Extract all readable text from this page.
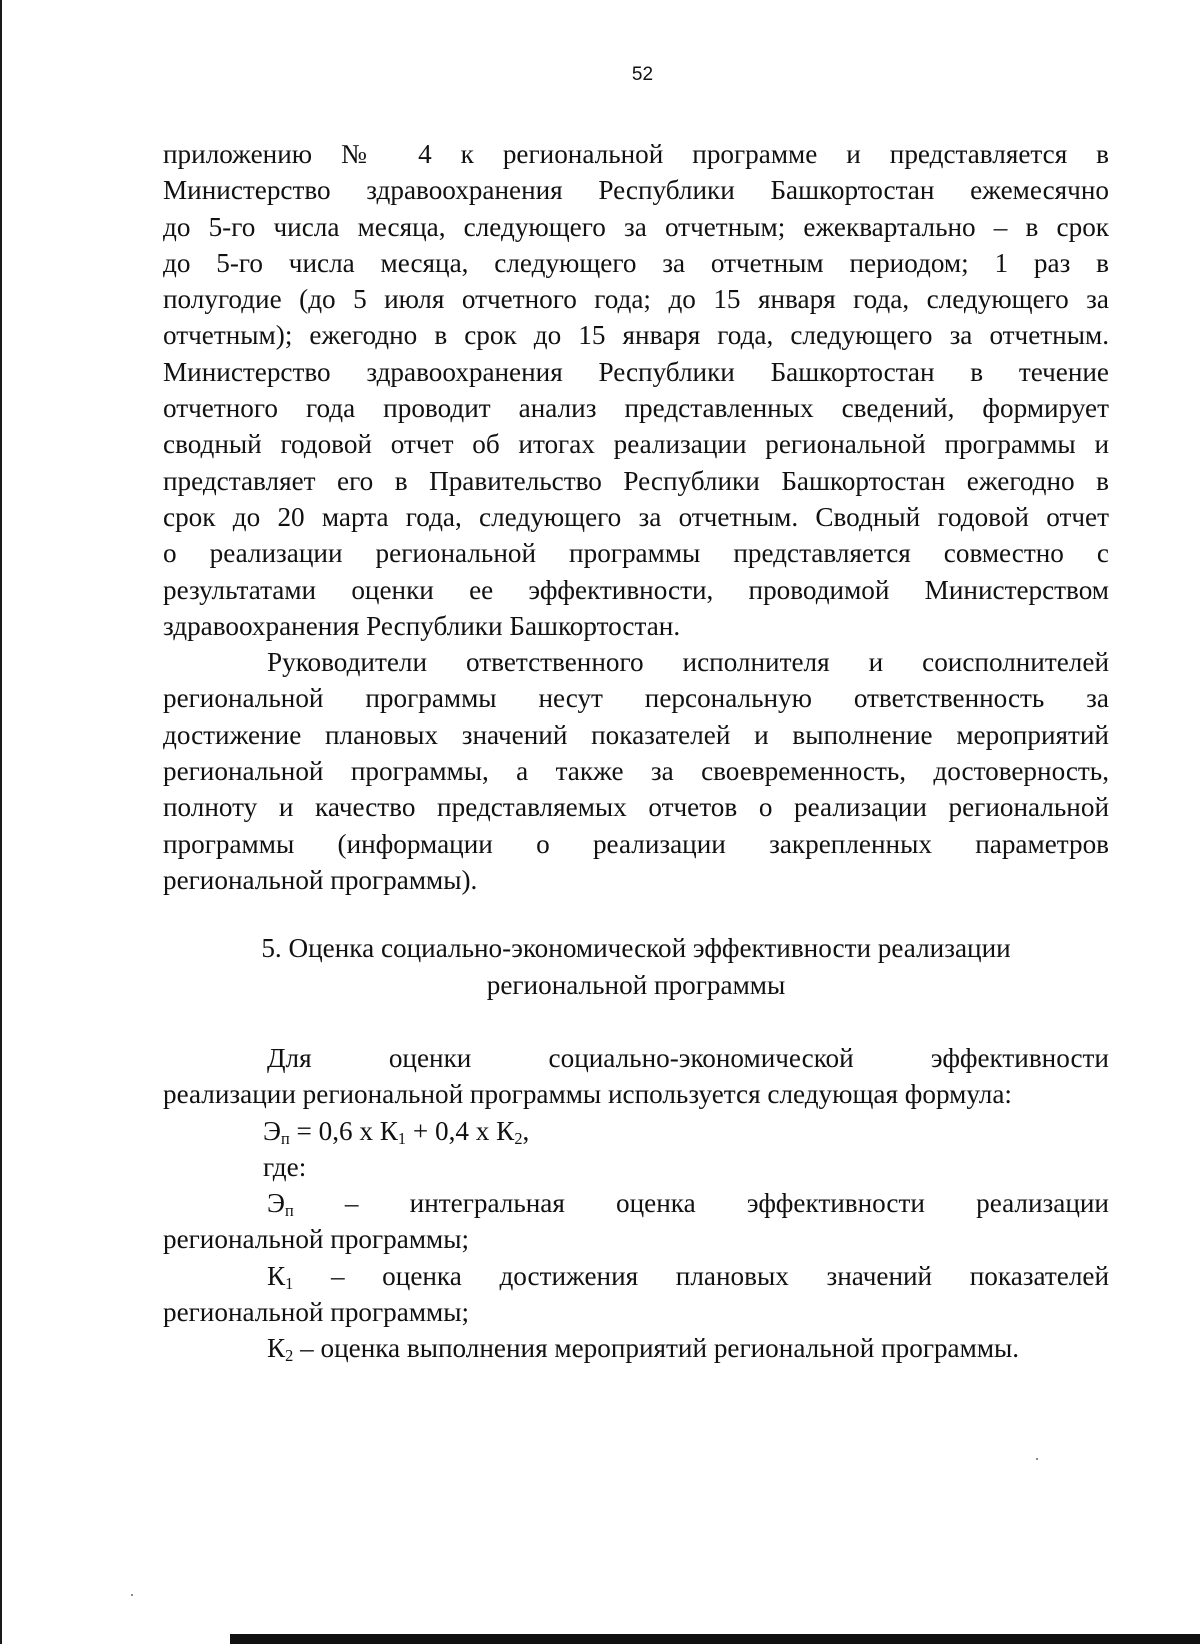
52

приложению № 4 к региональной программе и представляется в
Министерство здравоохранения Республики Башкортостан ежемесячно
до 5-го числа месяца, следующего за отчетным; ежеквартально – в срок
до 5-го числа месяца, следующего за отчетным периодом; 1 раз в
полугодие (до 5 июля отчетного года; до 15 января года, следующего за
отчетным); ежегодно в срок до 15 января года, следующего за отчетным.
Министерство здравоохранения Республики Башкортостан в течение
отчетного года проводит анализ представленных сведений, формирует
сводный годовой отчет об итогах реализации региональной программы и
представляет его в Правительство Республики Башкортостан ежегодно в
срок до 20 марта года, следующего за отчетным. Сводный годовой отчет
о реализации региональной программы представляется совместно с
результатами оценки ее эффективности, проводимой Министерством
здравоохранения Республики Башкортостан.

Руководители ответственного исполнителя и соисполнителей
региональной программы несут персональную ответственность за
достижение плановых значений показателей и выполнение мероприятий
региональной программы, а также за своевременность, достоверность,
полноту и качество представляемых отчетов о реализации региональной
программы (информации о реализации закрепленных параметров
региональной программы).

5. Оценка социально-экономической эффективности реализации
региональной программы

Для оценки социально-экономической эффективности
реализации региональной программы используется следующая формула:

$Э_п = 0,6$ x $К_1 + 0,4$ x $К_2$,
где:

$Э_п$ – интегральная оценка эффективности реализации
региональной программы;

$К_1$ – оценка достижения плановых значений показателей
региональной программы;

$К_2$ – оценка выполнения мероприятий региональной программы.
